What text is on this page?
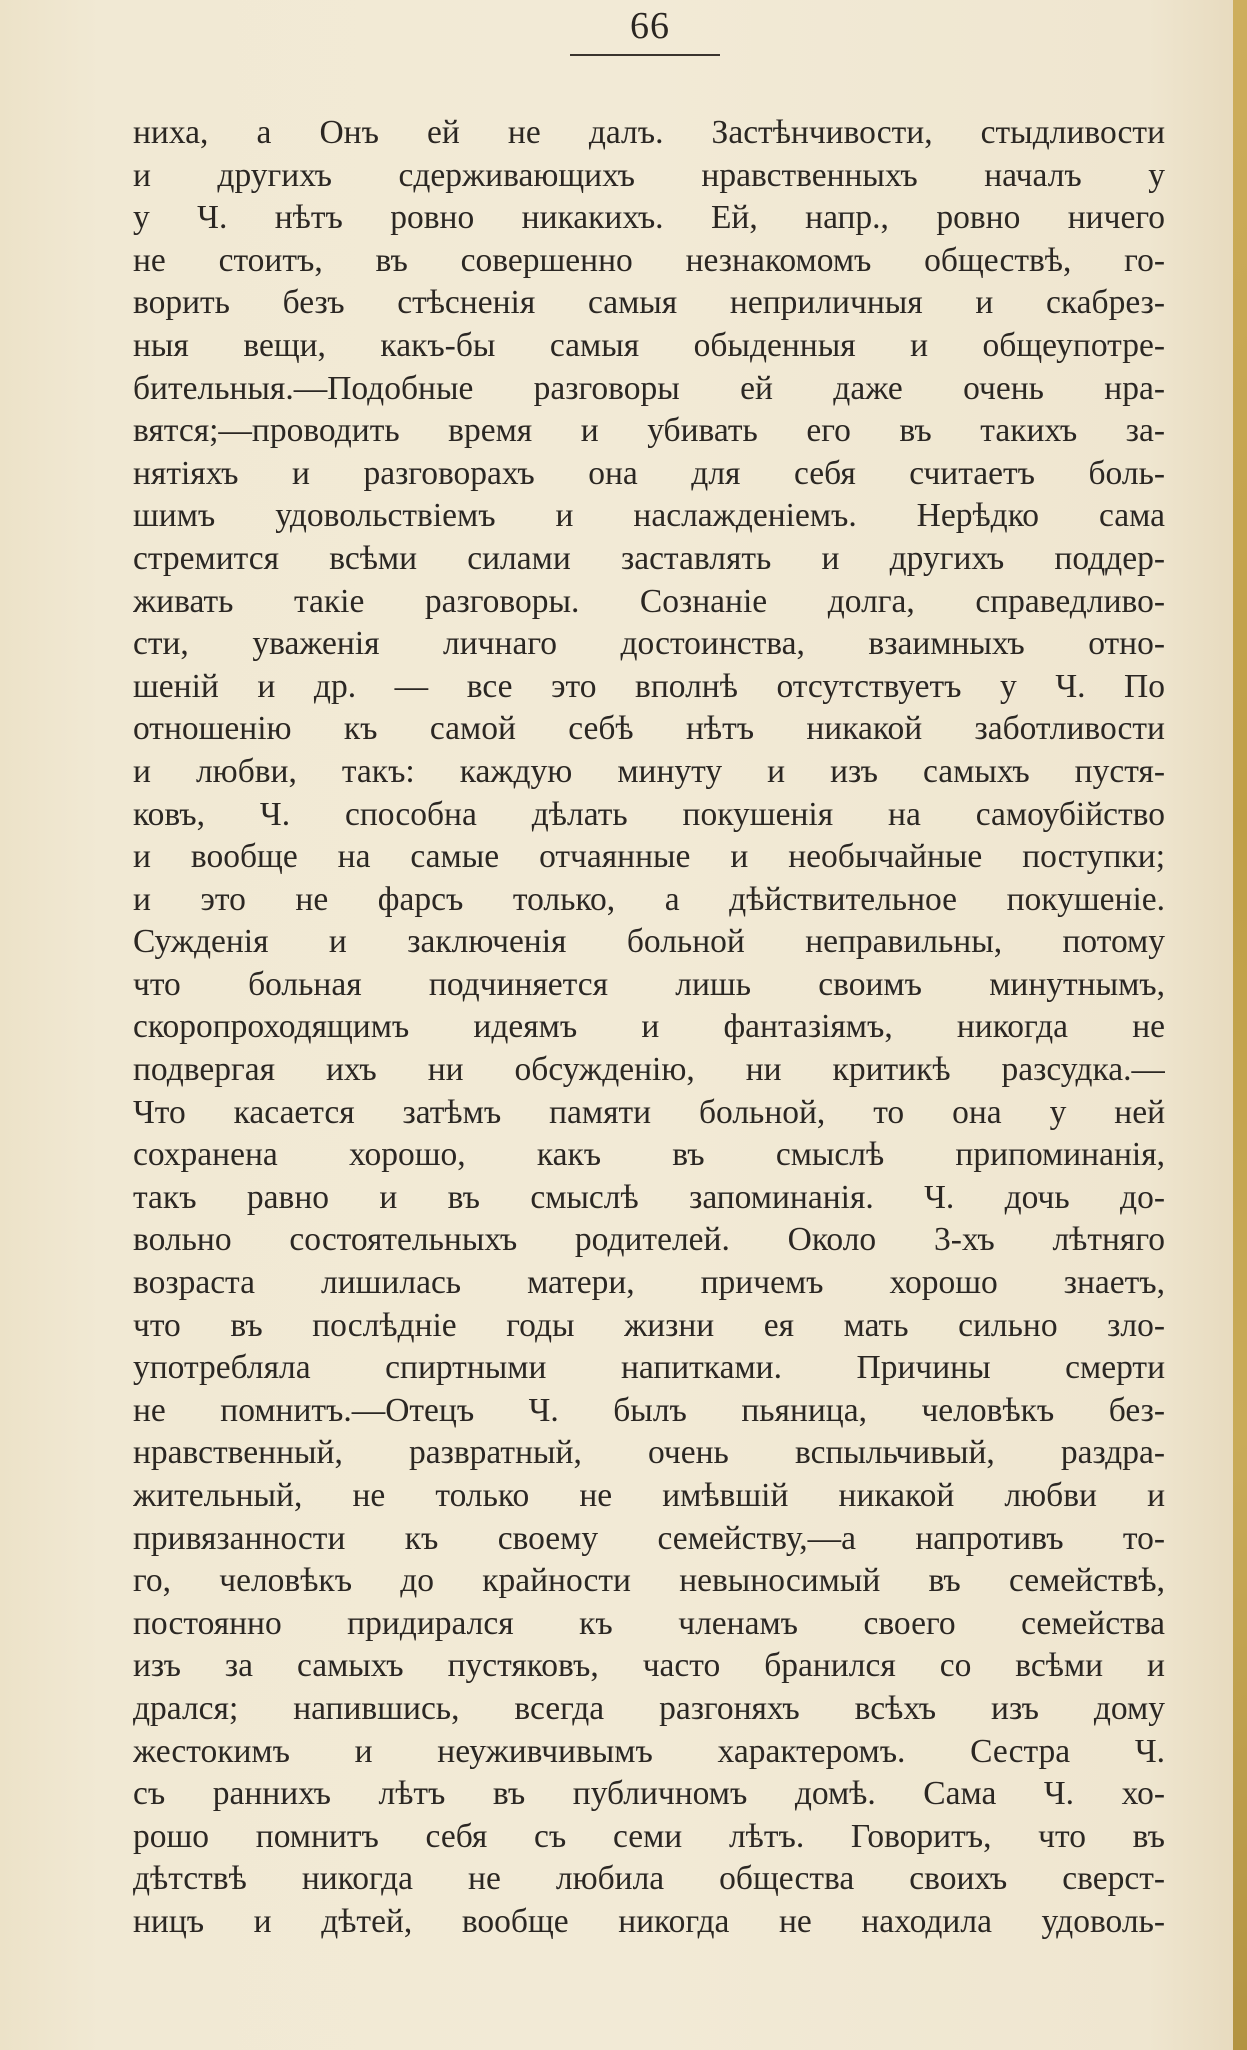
66
ниха, а Онъ ей не далъ. Застѣнчивости, стыдливости
и другихъ сдерживающихъ нравственныхъ началъ у
у Ч. нѣтъ ровно никакихъ. Ей, напр., ровно ничего
не стоитъ, въ совершенно незнакомомъ обществѣ, го-
ворить безъ стѣсненія самыя неприличныя и скабрез-
ныя вещи, какъ-бы самыя обыденныя и общеупотре-
бительныя.—Подобные разговоры ей даже очень нра-
вятся;—проводить время и убивать его въ такихъ за-
нятіяхъ и разговорахъ она для себя считаетъ боль-
шимъ удовольствіемъ и наслажденіемъ. Нерѣдко сама
стремится всѣми силами заставлять и другихъ поддер-
живать такіе разговоры. Сознаніе долга, справедливо-
сти, уваженія личнаго достоинства, взаимныхъ отно-
шеній и др. — все это вполнѣ отсутствуетъ у Ч. По
отношенію къ самой себѣ нѣтъ никакой заботливости
и любви, такъ: каждую минуту и изъ самыхъ пустя-
ковъ, Ч. способна дѣлать покушенія на самоубійство
и вообще на самые отчаянные и необычайные поступки;
и это не фарсъ только, а дѣйствительное покушеніе.
Сужденія и заключенія больной неправильны, потому
что больная подчиняется лишь своимъ минутнымъ,
скоропроходящимъ идеямъ и фантазіямъ, никогда не
подвергая ихъ ни обсужденію, ни критикѣ разсудка.—
Что касается затѣмъ памяти больной, то она у ней
сохранена хорошо, какъ въ смыслѣ припоминанія,
такъ равно и въ смыслѣ запоминанія. Ч. дочь до-
вольно состоятельныхъ родителей. Около 3-хъ лѣтняго
возраста лишилась матери, причемъ хорошо знаетъ,
что въ послѣдніе годы жизни ея мать сильно зло-
употребляла спиртными напитками. Причины смерти
не помнитъ.—Отецъ Ч. былъ пьяница, человѣкъ без-
нравственный, развратный, очень вспыльчивый, раздра-
жительный, не только не имѣвшій никакой любви и
привязанности къ своему семейству,—а напротивъ то-
го, человѣкъ до крайности невыносимый въ семействѣ,
постоянно придирался къ членамъ своего семейства
изъ за самыхъ пустяковъ, часто бранился со всѣми и
дрался; напившись, всегда разгоняхъ всѣхъ изъ дому
жестокимъ и неуживчивымъ характеромъ. Сестра Ч.
съ раннихъ лѣтъ въ публичномъ домѣ. Сама Ч. хо-
рошо помнитъ себя съ семи лѣтъ. Говоритъ, что въ
дѣтствѣ никогда не любила общества своихъ сверст-
ницъ и дѣтей, вообще никогда не находила удоволь-
